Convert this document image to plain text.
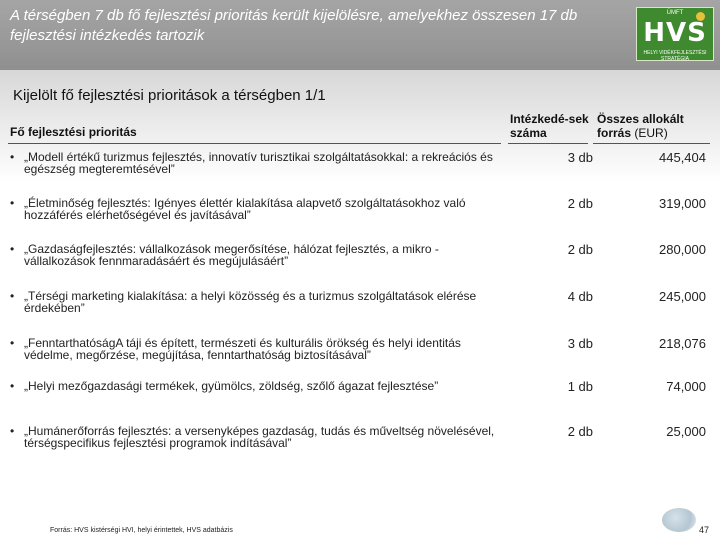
A térségben 7 db fő fejlesztési prioritás került kijelölésre, amelyekhez összesen 17 db fejlesztési intézkedés tartozik
ÚMFT
HVS
HELYI VIDÉKFEJLESZTÉSI STRATÉGIA
Kijelölt fő fejlesztési prioritások a térségben 1/1
Fő fejlesztési prioritás
Intézkedé-sek száma
Összes allokált forrás (EUR)
• „Modell értékű turizmus fejlesztés, innovatív turisztikai szolgáltatásokkal: a rekreációs és egészség megteremtésével”
3 db	445,404
• „Életminőség fejlesztés: Igényes élettér kialakítása alapvető szolgáltatásokhoz való hozzáférés elérhetőségével és javításával”
2 db	319,000
• „Gazdaságfejlesztés: vállalkozások megerősítése, hálózat fejlesztés, a mikro -vállalkozások fennmaradásáért és megújulásáért”
2 db	280,000
• „Térségi marketing kialakítása: a helyi közösség és a turizmus szolgáltatások elérése érdekében”
4 db	245,000
• „FenntarthatóságA táji és épített, természeti és kulturális örökség és helyi identitás védelme, megőrzése, megújítása, fenntarthatóság biztosításával”
3 db	218,076
• „Helyi mezőgazdasági termékek, gyümölcs, zöldség, szőlő ágazat fejlesztése”	1 db	74,000
• „Humánerőforrás fejlesztés: a versenyképes gazdaság, tudás és műveltség növelésével, térségspecifikus fejlesztési programok indításával”
2 db	25,000
Forrás: HVS kistérségi HVI, helyi érintettek, HVS adatbázis	47
